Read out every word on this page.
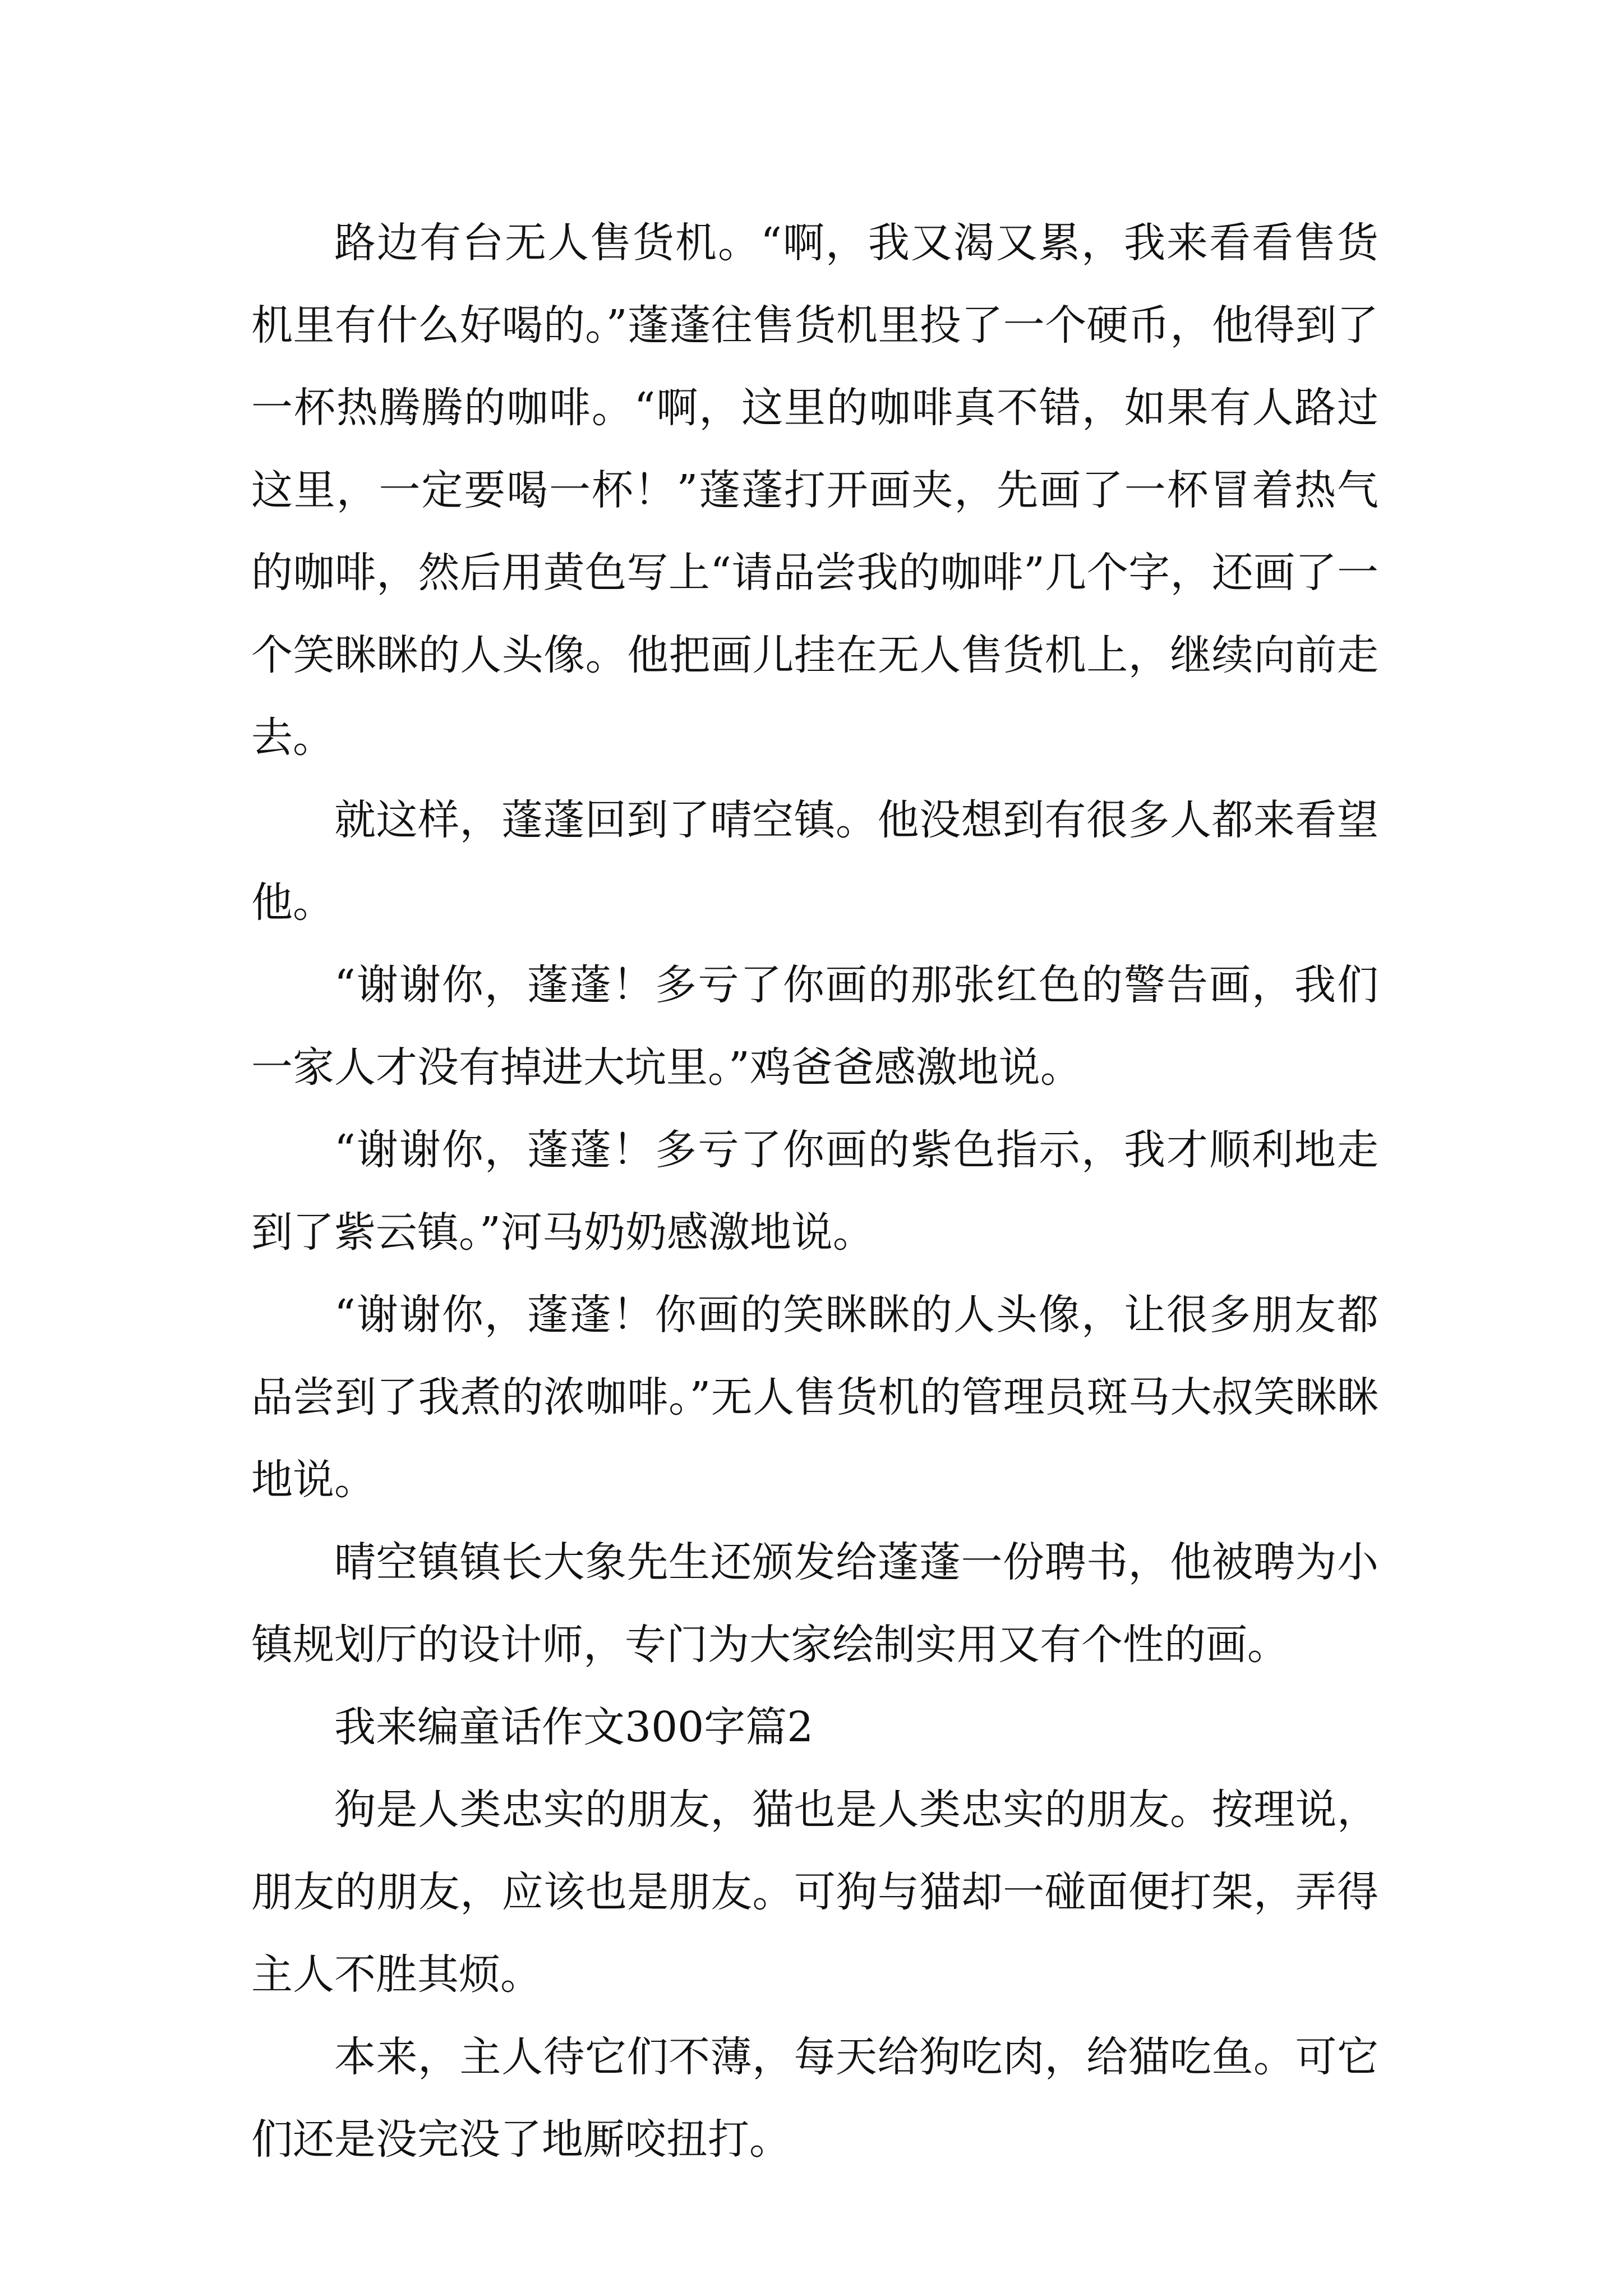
路边有台无人售货机。“啊，我又渴又累，我来看看售货机里有什么好喝的。”蓬蓬往售货机里投了一个硬币，他得到了一杯热腾腾的咖啡。“啊，这里的咖啡真不错，如果有人路过这里，一定要喝一杯！”蓬蓬打开画夹，先画了一杯冒着热气的咖啡，然后用黄色写上“请品尝我的咖啡”几个字，还画了一个笑眯眯的人头像。他把画儿挂在无人售货机上，继续向前走去。

就这样，蓬蓬回到了晴空镇。他没想到有很多人都来看望他。

“谢谢你，蓬蓬！多亏了你画的那张红色的警告画，我们一家人才没有掉进大坑里。”鸡爸爸感激地说。

“谢谢你，蓬蓬！多亏了你画的紫色指示，我才顺利地走到了紫云镇。”河马奶奶感激地说。

“谢谢你，蓬蓬！你画的笑眯眯的人头像，让很多朋友都品尝到了我煮的浓咖啡。”无人售货机的管理员斑马大叔笑眯眯地说。

晴空镇镇长大象先生还颁发给蓬蓬一份聘书，他被聘为小镇规划厅的设计师，专门为大家绘制实用又有个性的画。

我来编童话作文300字篇2

狗是人类忠实的朋友，猫也是人类忠实的朋友。按理说，朋友的朋友，应该也是朋友。可狗与猫却一碰面便打架，弄得主人不胜其烦。

本来，主人待它们不薄，每天给狗吃肉，给猫吃鱼。可它们还是没完没了地厮咬扭打。
